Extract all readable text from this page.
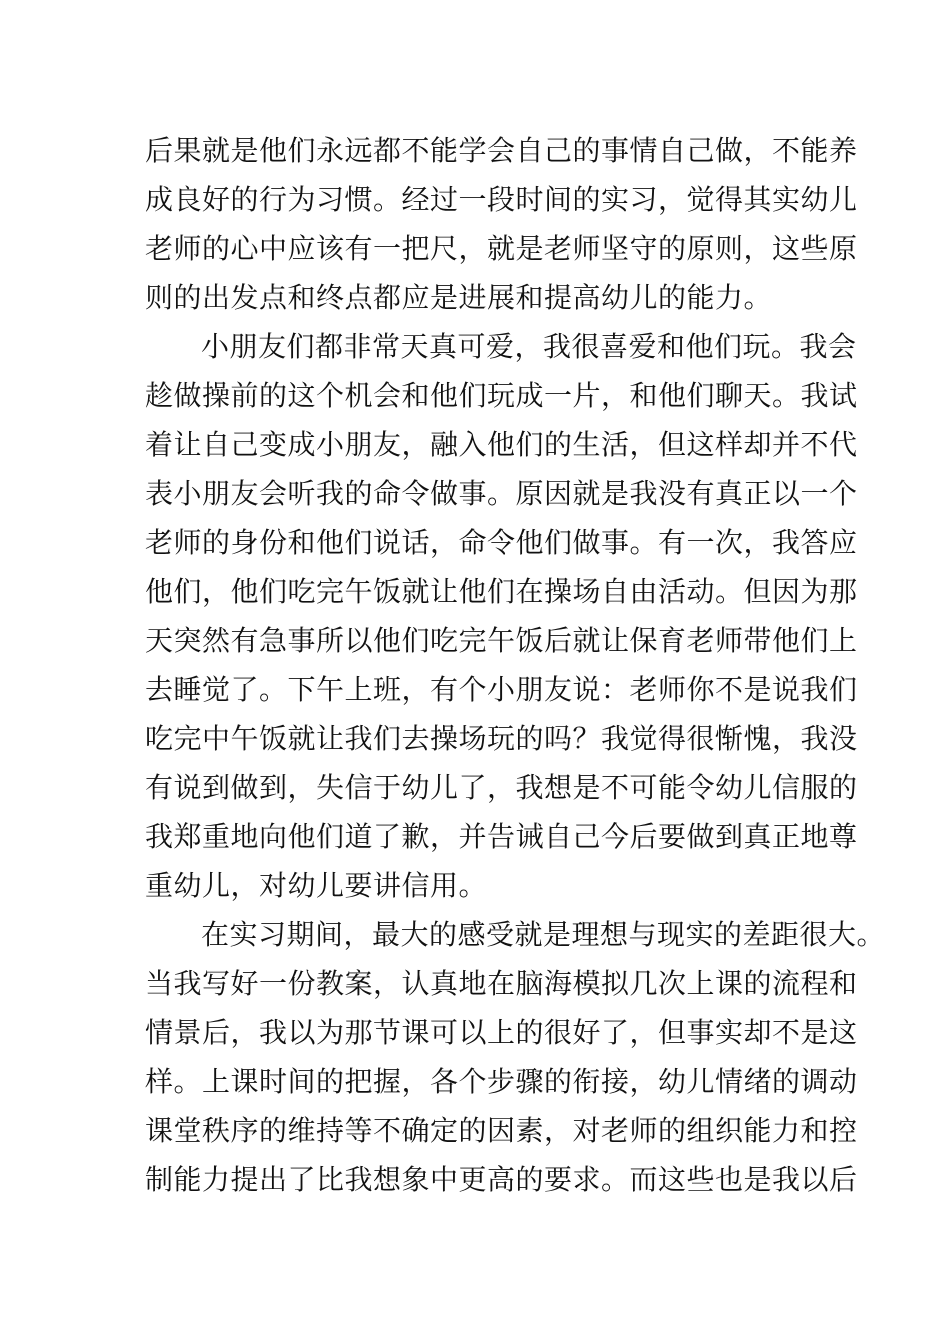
后果就是他们永远都不能学会自己的事情自己做，不能养
成良好的行为习惯。经过一段时间的实习，觉得其实幼儿
老师的心中应该有一把尺，就是老师坚守的原则，这些原
则的出发点和终点都应是进展和提高幼儿的能力。
小朋友们都非常天真可爱，我很喜爱和他们玩。我会
趁做操前的这个机会和他们玩成一片，和他们聊天。我试
着让自己变成小朋友，融入他们的生活，但这样却并不代
表小朋友会听我的命令做事。原因就是我没有真正以一个
老师的身份和他们说话，命令他们做事。有一次，我答应
他们，他们吃完午饭就让他们在操场自由活动。但因为那
天突然有急事所以他们吃完午饭后就让保育老师带他们上
去睡觉了。下午上班，有个小朋友说：老师你不是说我们
吃完中午饭就让我们去操场玩的吗？我觉得很惭愧，我没
有说到做到，失信于幼儿了，我想是不可能令幼儿信服的
我郑重地向他们道了歉，并告诫自己今后要做到真正地尊
重幼儿，对幼儿要讲信用。
在实习期间，最大的感受就是理想与现实的差距很大。
当我写好一份教案，认真地在脑海模拟几次上课的流程和
情景后，我以为那节课可以上的很好了，但事实却不是这
样。上课时间的把握，各个步骤的衔接，幼儿情绪的调动
课堂秩序的维持等不确定的因素，对老师的组织能力和控
制能力提出了比我想象中更高的要求。而这些也是我以后
